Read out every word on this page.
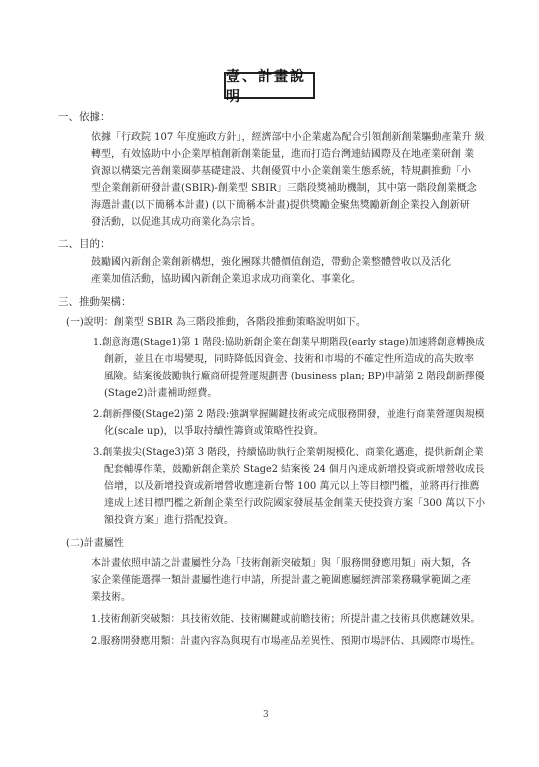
壹、計畫說明
一、依據：
依據「行政院 107 年度施政方針」，經濟部中小企業處為配合引領創新創業驅動產業升 級
轉型，有效協助中小企業厚植創新創業能量，進而打造台灣連結國際及在地產業研創 業
資源以構築完善創業圈夢基礎建設、共創優質中小企業創業生態系統，特規劃推動「小
型企業創新研發計畫(SBIR)-創業型 SBIR」三階段獎補助機制，其中第一階段創業概念
海選計畫(以下簡稱本計畫) (以下簡稱本計畫)提供獎勵金聚焦獎勵新創企業投入創新研
發活動，以促進其成功商業化為宗旨。
二、目的：
鼓勵國內新創企業創新構想，強化團隊共體價值創造，帶動企業整體營收以及活化
產業加值活動，協助國內新創企業追求成功商業化、事業化。
三、推動架構：
(一)說明：創業型 SBIR 為三階段推動，各階段推動策略說明如下。
1.創意海選(Stage1)第 1 階段:協助新創企業在創業早期階段(early stage)加速將創意轉換成
創新，並且在市場變現，同時降低因資金、技術和市場的不確定性所造成的高失敗率
風險。結案後鼓勵執行廠商研提營運規劃書 (business plan; BP)申請第 2 階段創新擇優
(Stage2)計畫補助經費。
2.創新擇優(Stage2)第 2 階段:強調掌握關鍵技術或完成服務開發，並進行商業營運與規模
化(scale up)，以爭取持續性籌資或策略性投資。
3.創業拔尖(Stage3)第 3 階段，持續協助執行企業朝規模化、商業化邁進，提供新創企業
配套輔導作業，鼓勵新創企業於 Stage2 結案後 24 個月內達成新增投資或新增營收成長
倍增，以及新增投資或新增營收應達新台幣 100 萬元以上等目標門檻，並將再行推薦
達成上述目標門檻之新創企業至行政院國家發展基金創業天使投資方案「300 萬以下小
額投資方案」進行搭配投資。
(二)計畫屬性
本計畫依照申請之計畫屬性分為「技術創新突破類」與「服務開發應用類」兩大類，各
家企業僅能選擇一類計畫屬性進行申請，所提計畫之範圍應屬經濟部業務職掌範圍之產
業技術。
1.技術創新突破類：具技術效能、技術關鍵或前瞻技術；所提計畫之技術具供應鏈效果。
2.服務開發應用類：計畫內容為與現有市場產品差異性、預期市場評估、具國際市場性。
3
